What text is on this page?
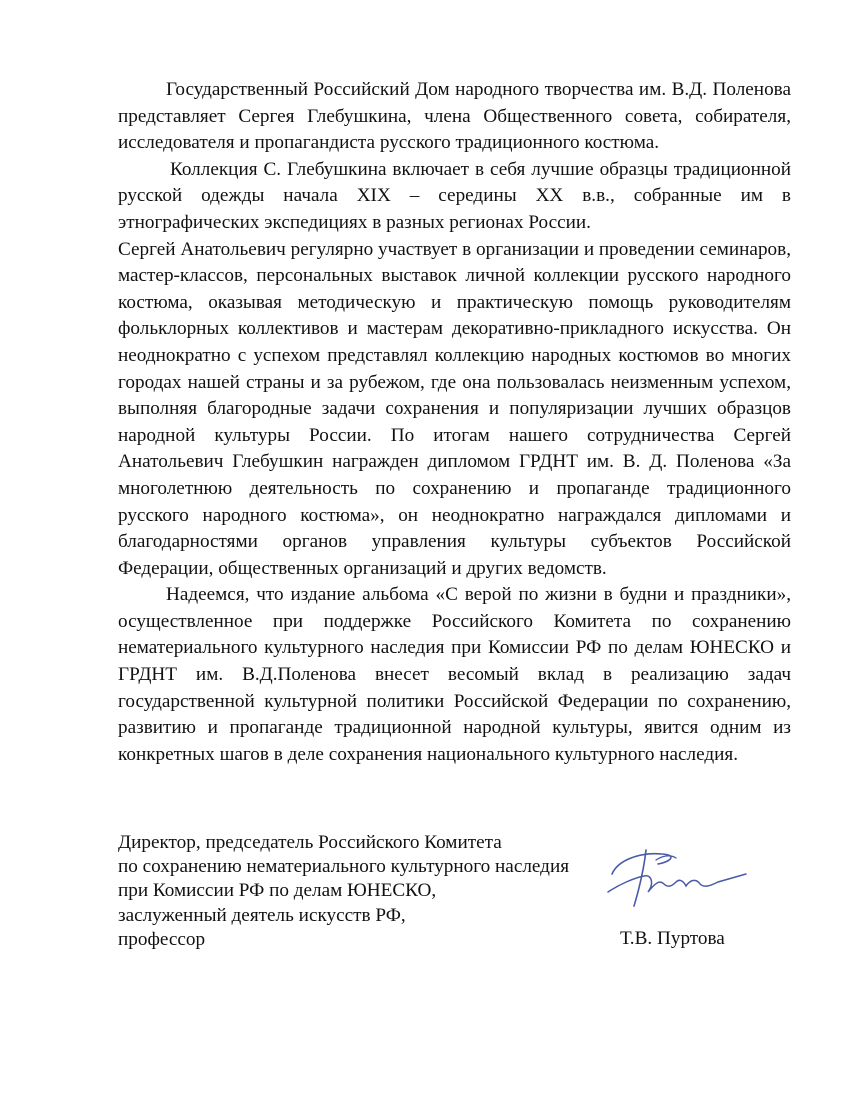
Государственный Российский Дом народного творчества им. В.Д. Поленова представляет Сергея Глебушкина, члена Общественного совета, собирателя, исследователя и пропагандиста русского традиционного костюма.

Коллекция С. Глебушкина включает в себя лучшие образцы традиционной русской одежды начала XIX – середины XX в.в., собранные им в этнографических экспедициях в разных регионах России.

Сергей Анатольевич регулярно участвует в организации и проведении семинаров, мастер-классов, персональных выставок личной коллекции русского народного костюма, оказывая методическую и практическую помощь руководителям фольклорных коллективов и мастерам декоративно-прикладного искусства. Он неоднократно с успехом представлял коллекцию народных костюмов во многих городах нашей страны и за рубежом, где она пользовалась неизменным успехом, выполняя благородные задачи сохранения и популяризации лучших образцов народной культуры России. По итогам нашего сотрудничества Сергей Анатольевич Глебушкин награжден дипломом ГРДНТ им. В. Д. Поленова «За многолетнюю деятельность по сохранению и пропаганде традиционного русского народного костюма», он неоднократно награждался дипломами и благодарностями органов управления культуры субъектов Российской Федерации, общественных организаций и других ведомств.

Надеемся, что издание альбома «С верой по жизни в будни и праздники», осуществленное при поддержке Российского Комитета по сохранению нематериального культурного наследия при Комиссии РФ по делам ЮНЕСКО и ГРДНТ им. В.Д.Поленова внесет весомый вклад в реализацию задач государственной культурной политики Российской Федерации по сохранению, развитию и пропаганде традиционной народной культуры, явится одним из конкретных шагов в деле сохранения национального культурного наследия.

Директор, председатель Российского Комитета
по сохранению нематериального культурного наследия
при Комиссии РФ по делам ЮНЕСКО,
заслуженный деятель искусств РФ,
профессор	Т.В. Пуртова
